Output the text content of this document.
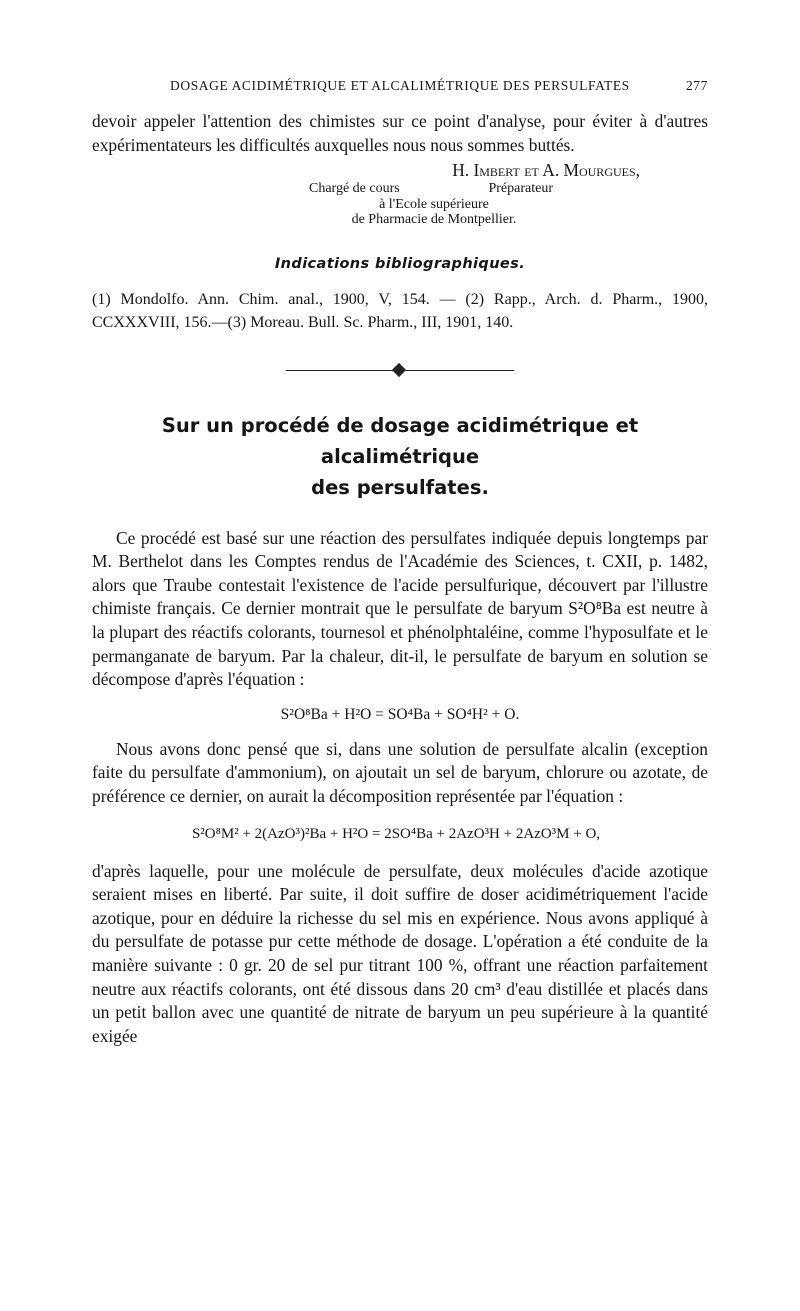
DOSAGE ACIDIMÉTRIQUE ET ALCALIMÉTRIQUE DES PERSULFATES	277

devoir appeler l'attention des chimistes sur ce point d'analyse, pour éviter à d'autres expérimentateurs les difficultés auxquelles nous nous sommes buttés.

H. Imbert et A. Mourgues,
Chargé de cours	Préparateur
à l'Ecole supérieure
de Pharmacie de Montpellier.
Indications bibliographiques.

(1) Mondolfo. Ann. Chim. anal., 1900, V, 154. — (2) Rapp., Arch. d. Pharm., 1900, CCXXXVIII, 156.—(3) Moreau. Bull. Sc. Pharm., III, 1901, 140.

Sur un procédé de dosage acidimétrique et alcalimétrique
des persulfates.

Ce procédé est basé sur une réaction des persulfates indiquée depuis longtemps par M. Berthelot dans les Comptes rendus de l'Académie des Sciences, t. CXII, p. 1482, alors que Traube contestait l'existence de l'acide persulfurique, découvert par l'illustre chimiste français. Ce dernier montrait que le persulfate de baryum S²O⁸Ba est neutre à la plupart des réactifs colorants, tournesol et phénolphtaléine, comme l'hyposulfate et le permanganate de baryum. Par la chaleur, dit-il, le persulfate de baryum en solution se décompose d'après l'équation :

S²O⁸Ba + H²O = SO⁴Ba + SO⁴H² + O.

Nous avons donc pensé que si, dans une solution de persulfate alcalin (exception faite du persulfate d'ammonium), on ajoutait un sel de baryum, chlorure ou azotate, de préférence ce dernier, on aurait la décomposition représentée par l'équation :

S²O⁸M² + 2(AzO³)²Ba + H²O = 2SO⁴Ba + 2AzO³H + 2AzO³M + O,

d'après laquelle, pour une molécule de persulfate, deux molécules d'acide azotique seraient mises en liberté. Par suite, il doit suffire de doser acidimétriquement l'acide azotique, pour en déduire la richesse du sel mis en expérience. Nous avons appliqué à du persulfate de potasse pur cette méthode de dosage. L'opération a été conduite de la manière suivante : 0 gr. 20 de sel pur titrant 100 %, offrant une réaction parfaitement neutre aux réactifs colorants, ont été dissous dans 20 cm³ d'eau distillée et placés dans un petit ballon avec une quantité de nitrate de baryum un peu supérieure à la quantité exigée
